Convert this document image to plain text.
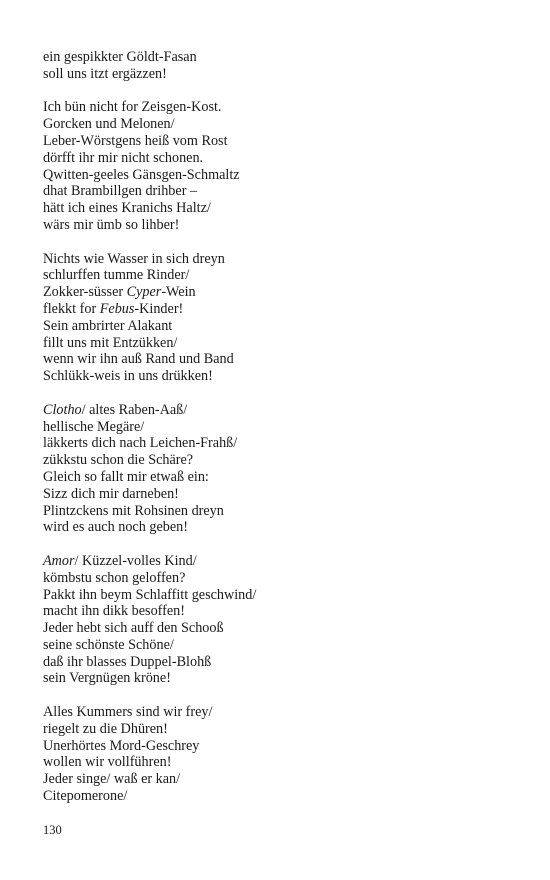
ein gespikkter Göldt-Fasan
soll uns itzt ergäzzen!
Ich bün nicht for Zeisgen-Kost.
Gorcken und Melonen/
Leber-Wörstgens heiß vom Rost
dörfft ihr mir nicht schonen.
Qwitten-geeles Gänsgen-Schmaltz
dhat Brambillgen drihber –
hätt ich eines Kranichs Haltz/
wärs mir ümb so lihber!
Nichts wie Wasser in sich dreyn
schlurffen tumme Rinder/
Zokker-süsser Cyper-Wein
flekkt for Febus-Kinder!
Sein ambrirter Alakant
fillt uns mit Entzükken/
wenn wir ihn auß Rand und Band
Schlükk-weis in uns drükken!
Clotho/ altes Raben-Aaß/
hellische Megäre/
läkkerts dich nach Leichen-Frahß/
zükkstu schon die Schäre?
Gleich so fallt mir etwaß ein:
Sizz dich mir darneben!
Plintzckens mit Rohsinen dreyn
wird es auch noch geben!
Amor/ Küzzel-volles Kind/
kömbstu schon geloffen?
Pakkt ihn beym Schlaffitt geschwind/
macht ihn dikk besoffen!
Jeder hebt sich auff den Schooß
seine schönste Schöne/
daß ihr blasses Duppel-Blohß
sein Vergnügen kröne!
Alles Kummers sind wir frey/
riegelt zu die Dhüren!
Unerhörtes Mord-Geschrey
wollen wir vollführen!
Jeder singe/ waß er kan/
Citepomerone/
130
